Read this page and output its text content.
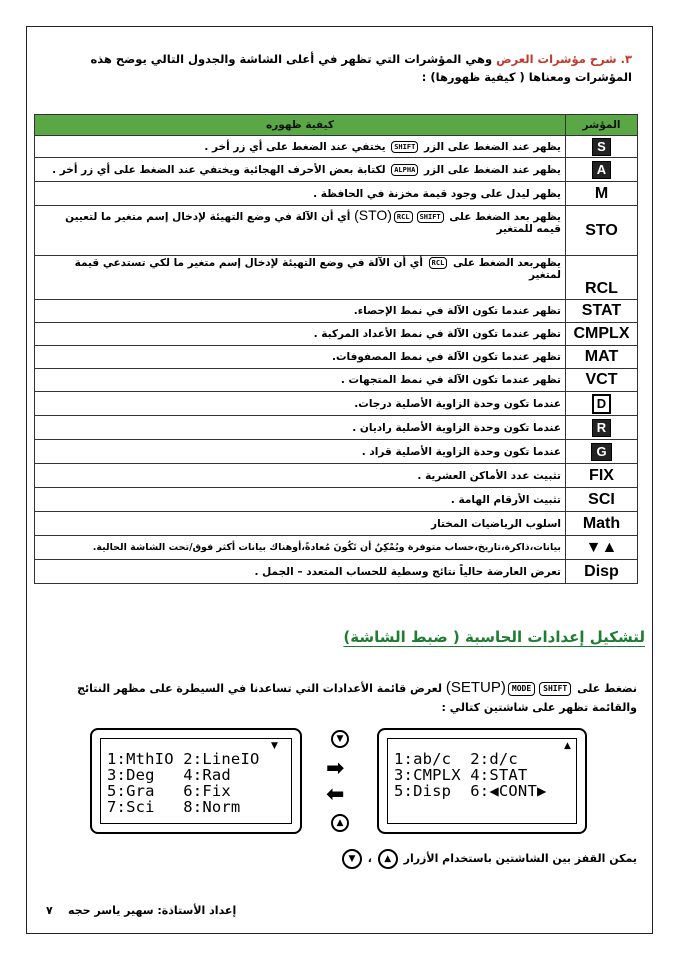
٣. شرح مؤشرات العرض وهي المؤشرات التي تظهر في أعلى الشاشة والجدول التالي يوضح هذه المؤشرات ومعناها ( كيفية ظهورها) :
المؤشر	كيفية ظهوره
S	يظهر عند الضغط على الزر SHIFT يختفي عند الضغط على أي زر أخر .
A	يظهر عند الضغط على الزر ALPHA لكتابة بعض الأحرف الهجائية ويختفي عند الضغط على أي زر أخر .
M	يظهر ليدل على وجود قيمة مخزنة في الحافظة .
STO	يظهر بعد الضغط على SHIFTRCL(STO) أي أن الآلة في وضع التهيئة لإدخال إسم متغير ما لتعيين قيمه للمتغير
RCL	يظهربعد الضغط على RCL أي أن الآلة في وضع التهيئة لإدخال إسم متغير ما لكي تستدعي قيمة لمتغير
STAT	تظهر عندما تكون الآلة في نمط الإحصاء.
CMPLX	تظهر عندما تكون الآلة في نمط الأعداد المركبة .
MAT	تظهر عندما تكون الآلة في نمط المصفوفات.
VCT	تظهر عندما تكون الآلة في نمط المتجهات .
D	عندما تكون وحدة الزاوية الأصلية درجات.
R	عندما تكون وحدة الزاوية الأصلية راديان .
G	عندما تكون وحدة الزاوية الأصلية قراد .
FIX	تثبيت عدد الأماكن العشرية .
SCI	تثبيت الأرقام الهامة .
Math	اسلوب الرياضيات المختار
▼▲	بيانات،ذاكرة،تاريخ،حساب متوفرة ويُمْكِنُ أن تَكُونَ مُعادةً،أوهناك بيانات أكثر فوق/تحت الشاشة الحالية.
Disp	تعرض العارضة حالياً نتائج وسطية للحساب المتعدد – الجمل .
لتشكيل إعدادات الحاسبة ( ضبط الشاشة)
نضغط على SHIFTMODE(SETUP) لعرض قائمة الأعدادات التي تساعدنا في السيطرة على مظهر النتائج والقائمة تظهر على شاشتين كتالي :
▼
1:MthIO 2:LineIO
3:Deg   4:Rad
5:Gra   6:Fix
7:Sci   8:Norm
▼
➡
⬅
▲
▲
1:ab/c  2:d/c
3:CMPLX 4:STAT
5:Disp  6:◀CONT▶
يمكن القفز بين الشاشتين باستخدام الأزرار ▲ ، ▼
إعداد الأستاذة: سهير ياسر حجه    ٧
